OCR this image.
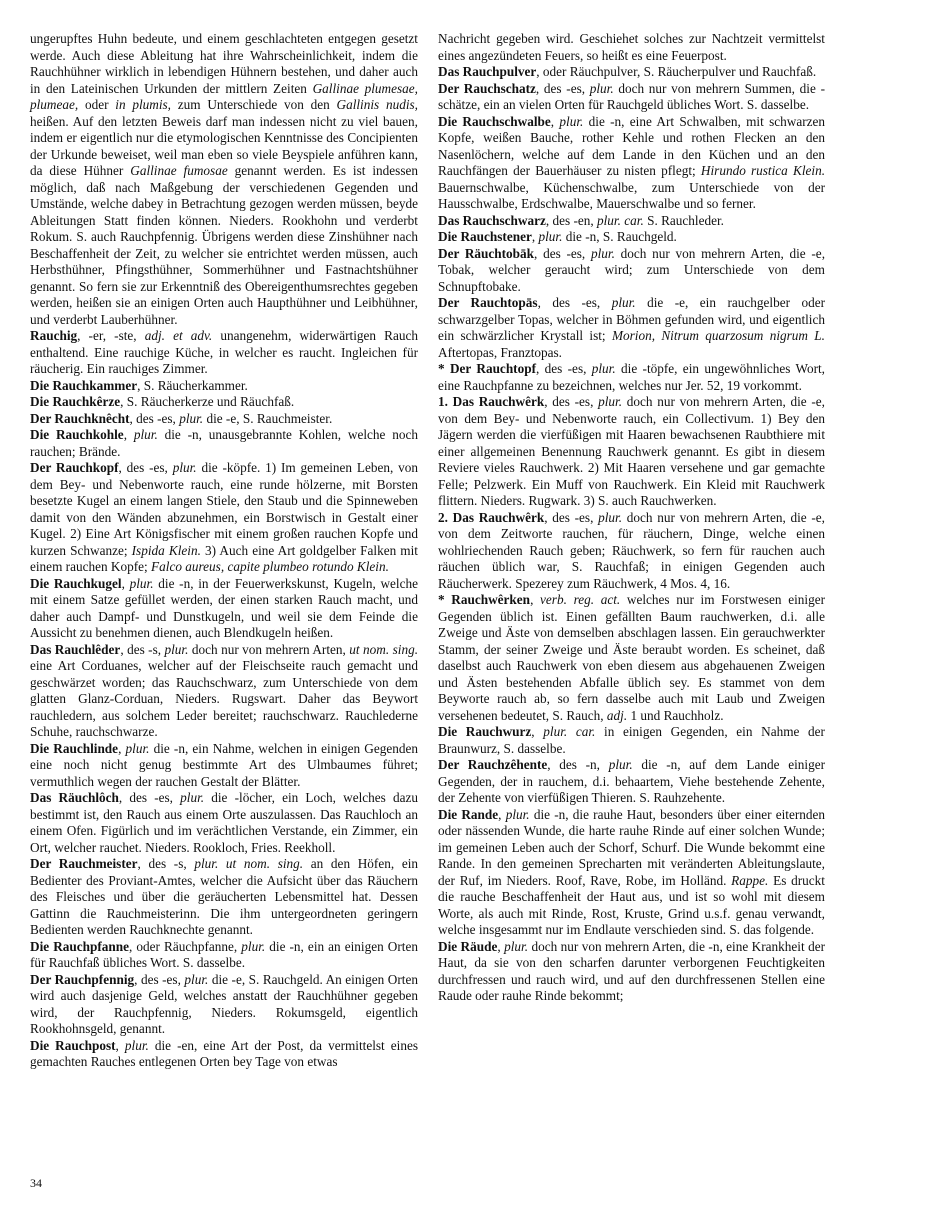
ungerupftes Huhn bedeute, und einem geschlachteten entgegen gesetzt werde. Auch diese Ableitung hat ihre Wahrscheinlichkeit, indem die Rauchhühner wirklich in lebendigen Hühnern bestehen, und daher auch in den Lateinischen Urkunden der mittlern Zeiten Gallinae plumesae, plumeae, oder in plumis, zum Unterschiede von den Gallinis nudis, heißen. Auf den letzten Beweis darf man indessen nicht zu viel bauen, indem er eigentlich nur die etymologischen Kenntnisse des Concipienten der Urkunde beweiset, weil man eben so viele Beyspiele anführen kann, da diese Hühner Gallinae fumosae genannt werden. Es ist indessen möglich, daß nach Maßgebung der verschiedenen Gegenden und Umstände, welche dabey in Betrachtung gezogen werden müssen, beyde Ableitungen Statt finden können. Nieders. Rookhohn und verderbt Rokum. S. auch Rauchpfennig. Übrigens werden diese Zinshühner nach Beschaffenheit der Zeit, zu welcher sie entrichtet werden müssen, auch Herbsthühner, Pfingsthühner, Sommerhühner und Fastnachtshühner genannt. So fern sie zur Erkenntniß des Obereigenthumsrechtes gegeben werden, heißen sie an einigen Orten auch Haupthühner und Leibhühner, und verderbt Lauberhühner.

Rauchig, -er, -ste, adj. et adv. unangenehm, widerwärtigen Rauch enthaltend. Eine rauchige Küche, in welcher es raucht. Ingleichen für räucherig. Ein rauchiges Zimmer.

Die Rauchkammer, S. Räucherkammer.

Die Rauchkêrze, S. Räucherkerze und Räuchfaß.

Der Rauchknêcht, des -es, plur. die -e, S. Rauchmeister.

Die Rauchkohle, plur. die -n, unausgebrannte Kohlen, welche noch rauchen; Brände.

Der Rauchkopf, des -es, plur. die -köpfe. 1) Im gemeinen Leben, von dem Bey- und Nebenworte rauch, eine runde hölzerne, mit Borsten besetzte Kugel an einem langen Stiele, den Staub und die Spinneweben damit von den Wänden abzunehmen, ein Borstwisch in Gestalt einer Kugel. 2) Eine Art Königsfischer mit einem großen rauchen Kopfe und kurzen Schwanze; Ispida Klein. 3) Auch eine Art goldgelber Falken mit einem rauchen Kopfe; Falco aureus, capite plumbeo rotundo Klein.

Die Rauchkugel, plur. die -n, in der Feuerwerkskunst, Kugeln, welche mit einem Satze gefüllet werden, der einen starken Rauch macht, und daher auch Dampf- und Dunstkugeln, und weil sie dem Feinde die Aussicht zu benehmen dienen, auch Blendkugeln heißen.

Das Rauchlêder, des -s, plur. doch nur von mehrern Arten, ut nom. sing. eine Art Corduanes, welcher auf der Fleischseite rauch gemacht und geschwärzet worden; das Rauchschwarz, zum Unterschiede von dem glatten Glanz-Corduan, Nieders. Rugswart. Daher das Beywort rauchledern, aus solchem Leder bereitet; rauchschwarz. Rauchlederne Schuhe, rauchschwarze.

Die Rauchlinde, plur. die -n, ein Nahme, welchen in einigen Gegenden eine noch nicht genug bestimmte Art des Ulmbaumes führet; vermuthlich wegen der rauchen Gestalt der Blätter.

Das Räuchlôch, des -es, plur. die -löcher, ein Loch, welches dazu bestimmt ist, den Rauch aus einem Orte auszulassen. Das Rauchloch an einem Ofen. Figürlich und im verächtlichen Verstande, ein Zimmer, ein Ort, welcher rauchet. Nieders. Rookloch, Fries. Reekholl.

Der Rauchmeister, des -s, plur. ut nom. sing. an den Höfen, ein Bedienter des Proviant-Amtes, welcher die Aufsicht über das Räuchern des Fleisches und über die geräucherten Lebensmittel hat. Dessen Gattinn die Rauchmeisterinn. Die ihm untergeordneten geringern Bedienten werden Rauchknechte genannt.

Die Rauchpfanne, oder Räuchpfanne, plur. die -n, ein an einigen Orten für Rauchfaß übliches Wort. S. dasselbe.

Der Rauchpfennig, des -es, plur. die -e, S. Rauchgeld. An einigen Orten wird auch dasjenige Geld, welches anstatt der Rauchhühner gegeben wird, der Rauchpfennig, Nieders. Rokumsgeld, eigentlich Rookhohnsgeld, genannt.

Die Rauchpost, plur. die -en, eine Art der Post, da vermittelst eines gemachten Rauches entlegenen Orten bey Tage von etwas

Nachricht gegeben wird. Geschiehet solches zur Nachtzeit vermittelst eines angezündeten Feuers, so heißt es eine Feuerpost.

Das Rauchpulver, oder Räuchpulver, S. Räucherpulver und Rauchfaß.

Der Rauchschatz, des -es, plur. doch nur von mehrern Summen, die -schätze, ein an vielen Orten für Rauchgeld übliches Wort. S. dasselbe.

Die Rauchschwalbe, plur. die -n, eine Art Schwalben, mit schwarzen Kopfe, weißen Bauche, rother Kehle und rothen Flecken an den Nasenlöchern, welche auf dem Lande in den Küchen und an den Rauchfängen der Bauerhäuser zu nisten pflegt; Hirundo rustica Klein. Bauernschwalbe, Küchenschwalbe, zum Unterschiede von der Hausschwalbe, Erdschwalbe, Mauerschwalbe und so ferner.

Das Rauchschwarz, des -en, plur. car. S. Rauchleder.

Die Rauchstener, plur. die -n, S. Rauchgeld.

Der Räuchtobāk, des -es, plur. doch nur von mehrern Arten, die -e, Tobak, welcher geraucht wird; zum Unterschiede von dem Schnupftobake.

Der Rauchtopās, des -es, plur. die -e, ein rauchgelber oder schwarzgelber Topas, welcher in Böhmen gefunden wird, und eigentlich ein schwärzlicher Krystall ist; Morion, Nitrum quarzosum nigrum L. Aftertopas, Franztopas.

* Der Rauchtopf, des -es, plur. die -töpfe, ein ungewöhnliches Wort, eine Rauchpfanne zu bezeichnen, welches nur Jer. 52, 19 vorkommt.

1. Das Rauchwêrk, des -es, plur. doch nur von mehrern Arten, die -e, von dem Bey- und Nebenworte rauch, ein Collectivum. 1) Bey den Jägern werden die vierfüßigen mit Haaren bewachsenen Raubthiere mit einer allgemeinen Benennung Rauchwerk genannt. Es gibt in diesem Reviere vieles Rauchwerk. 2) Mit Haaren versehene und gar gemachte Felle; Pelzwerk. Ein Muff von Rauchwerk. Ein Kleid mit Rauchwerk flittern. Nieders. Rugwark. 3) S. auch Rauchwerken.

2. Das Rauchwêrk, des -es, plur. doch nur von mehrern Arten, die -e, von dem Zeitworte rauchen, für räuchern, Dinge, welche einen wohlriechenden Rauch geben; Räuchwerk, so fern für rauchen auch räuchen üblich war, S. Rauchfaß; in einigen Gegenden auch Räucherwerk. Spezerey zum Räuchwerk, 4 Mos. 4, 16.

* Rauchwêrken, verb. reg. act. welches nur im Forstwesen einiger Gegenden üblich ist. Einen gefällten Baum rauchwerken, d.i. alle Zweige und Äste von demselben abschlagen lassen. Ein gerauchwerkter Stamm, der seiner Zweige und Äste beraubt worden. Es scheinet, daß daselbst auch Rauchwerk von eben diesem aus abgehauenen Zweigen und Ästen bestehenden Abfalle üblich sey. Es stammet von dem Beyworte rauch ab, so fern dasselbe auch mit Laub und Zweigen versehenen bedeutet, S. Rauch, adj. 1 und Rauchholz.

Die Rauchwurz, plur. car. in einigen Gegenden, ein Nahme der Braunwurz, S. dasselbe.

Der Rauchzêhente, des -n, plur. die -n, auf dem Lande einiger Gegenden, der in rauchem, d.i. behaartem, Viehe bestehende Zehente, der Zehente von vierfüßigen Thieren. S. Rauhzehente.

Die Rande, plur. die -n, die rauhe Haut, besonders über einer eiternden oder nässenden Wunde, die harte rauhe Rinde auf einer solchen Wunde; im gemeinen Leben auch der Schorf, Schurf. Die Wunde bekommt eine Rande. In den gemeinen Sprecharten mit veränderten Ableitungslaute, der Ruf, im Nieders. Roof, Rave, Robe, im Holländ. Rappe. Es druckt die rauche Beschaffenheit der Haut aus, und ist so wohl mit diesem Worte, als auch mit Rinde, Rost, Kruste, Grind u.s.f. genau verwandt, welche insgesammt nur im Endlaute verschieden sind. S. das folgende.

Die Räude, plur. doch nur von mehrern Arten, die -n, eine Krankheit der Haut, da sie von den scharfen darunter verborgenen Feuchtigkeiten durchfressen und rauch wird, und auf den durchfressenen Stellen eine Raude oder rauhe Rinde bekommt;

34
